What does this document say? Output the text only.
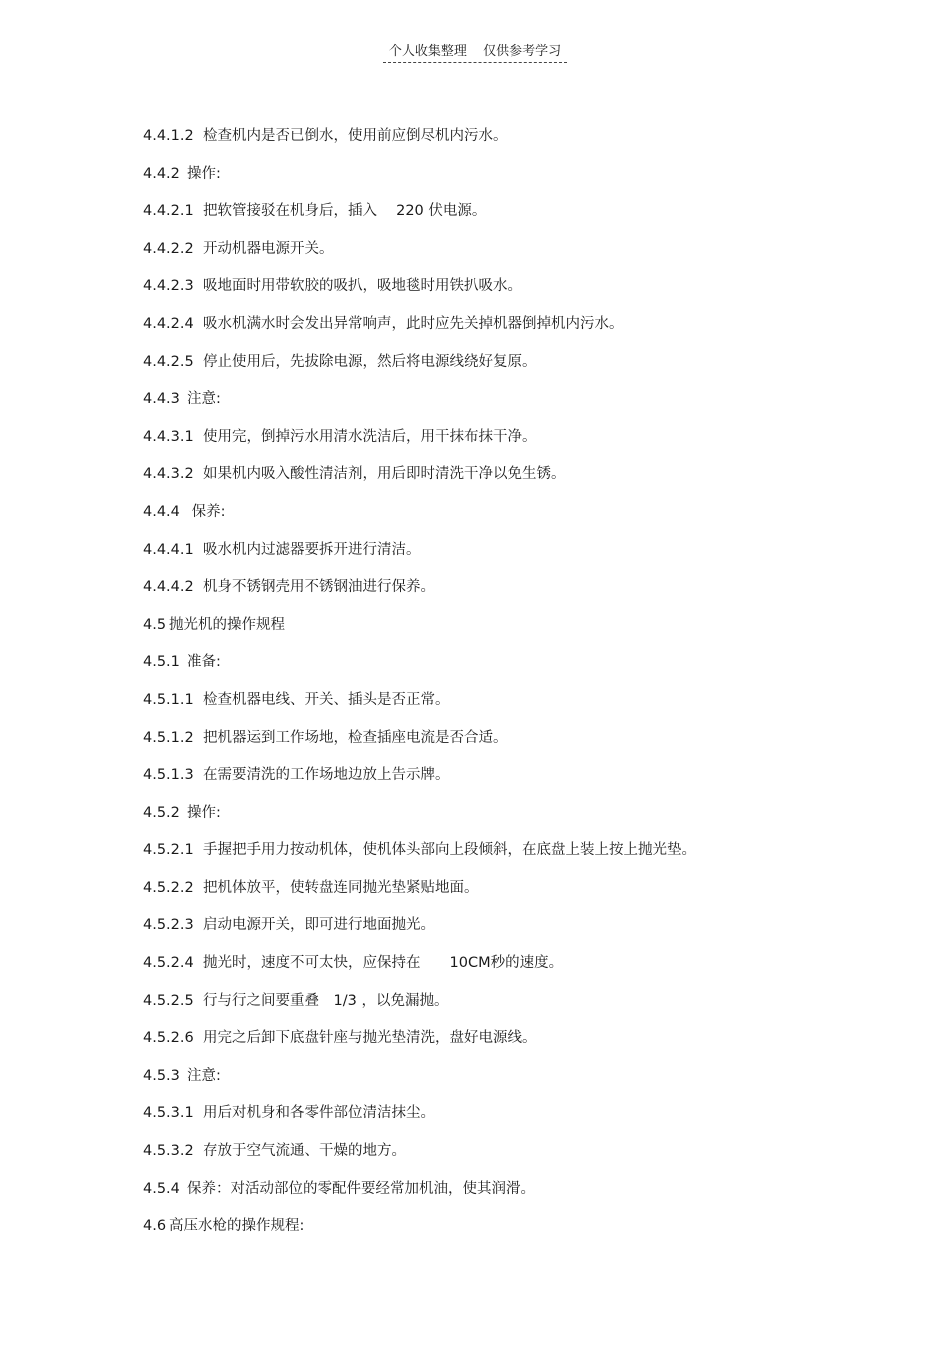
个人收集整理 仅供参考学习
4.4.1.2 检查机内是否已倒水，使用前应倒尽机内污水。
4.4.2 操作:
4.4.2.1 把软管接驳在机身后，插入　 220 伏电源。
4.4.2.2 开动机器电源开关。
4.4.2.3 吸地面时用带软胶的吸扒，吸地毯时用铁扒吸水。
4.4.2.4 吸水机满水时会发出异常响声，此时应先关掉机器倒掉机内污水。
4.4.2.5 停止使用后，先拔除电源，然后将电源线绕好复原。
4.4.3 注意:
4.4.3.1 使用完，倒掉污水用清水洗洁后，用干抹布抹干净。
4.4.3.2 如果机内吸入酸性清洁剂，用后即时清洗干净以免生锈。
4.4.4 保养:
4.4.4.1 吸水机内过滤器要拆开进行清洁。
4.4.4.2 机身不锈钢壳用不锈钢油进行保养。
4.5 抛光机的操作规程
4.5.1 准备:
4.5.1.1 检查机器电线、开关、插头是否正常。
4.5.1.2 把机器运到工作场地，检查插座电流是否合适。
4.5.1.3 在需要清洗的工作场地边放上告示牌。
4.5.2 操作:
4.5.2.1 手握把手用力按动机体，使机体头部向上段倾斜，在底盘上装上按上抛光垫。
4.5.2.2 把机体放平，使转盘连同抛光垫紧贴地面。
4.5.2.3 启动电源开关，即可进行地面抛光。
4.5.2.4 抛光时，速度不可太快，应保持在　　10CM秒的速度。
4.5.2.5 行与行之间要重叠　1/3 ，以免漏抛。
4.5.2.6 用完之后卸下底盘针座与抛光垫清洗，盘好电源线。
4.5.3 注意:
4.5.3.1 用后对机身和各零件部位清洁抹尘。
4.5.3.2 存放于空气流通、干燥的地方。
4.5.4 保养：对活动部位的零配件要经常加机油，使其润滑。
4.6 高压水枪的操作规程:
